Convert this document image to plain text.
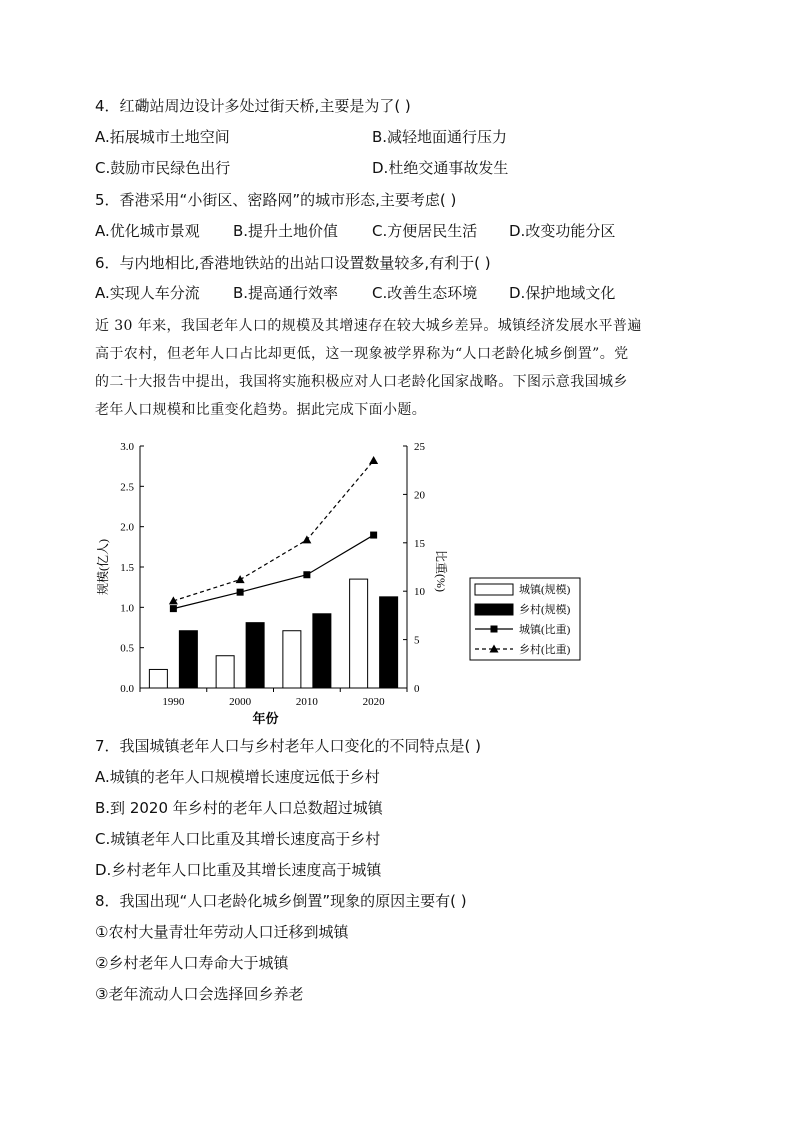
4．红磡站周边设计多处过街天桥,主要是为了( )
A.拓展城市土地空间	B.减轻地面通行压力
C.鼓励市民绿色出行	D.杜绝交通事故发生
5．香港采用“小街区、密路网”的城市形态,主要考虑( )
A.优化城市景观 B.提升土地价值 C.方便居民生活 D.改变功能分区
6．与内地相比,香港地铁站的出站口设置数量较多,有利于( )
A.实现人车分流 B.提高通行效率 C.改善生态环境 D.保护地域文化

近 30 年来，我国老年人口的规模及其增速存在较大城乡差异。城镇经济发展水平普遍

高于农村，但老年人口占比却更低，这一现象被学界称为“人口老龄化城乡倒置”。党

的二十大报告中提出，我国将实施积极应对人口老龄化国家战略。下图示意我国城乡

老年人口规模和比重变化趋势。据此完成下面小题。

0.0
0.5
1.0
1.5
2.0
2.5
3.0
0
5
10
15
20
25
1990	2000	2010	2020
年份
规模(亿人)	比重(%)	城镇(规模)
乡村(规模)
城镇(比重)
乡村(比重)
7．我国城镇老年人口与乡村老年人口变化的不同特点是( )
A.城镇的老年人口规模增长速度远低于乡村
B.到 2020 年乡村的老年人口总数超过城镇
C.城镇老年人口比重及其增长速度高于乡村
D.乡村老年人口比重及其增长速度高于城镇
8．我国出现“人口老龄化城乡倒置”现象的原因主要有( )
①农村大量青壮年劳动人口迁移到城镇
②乡村老年人口寿命大于城镇
③老年流动人口会选择回乡养老
